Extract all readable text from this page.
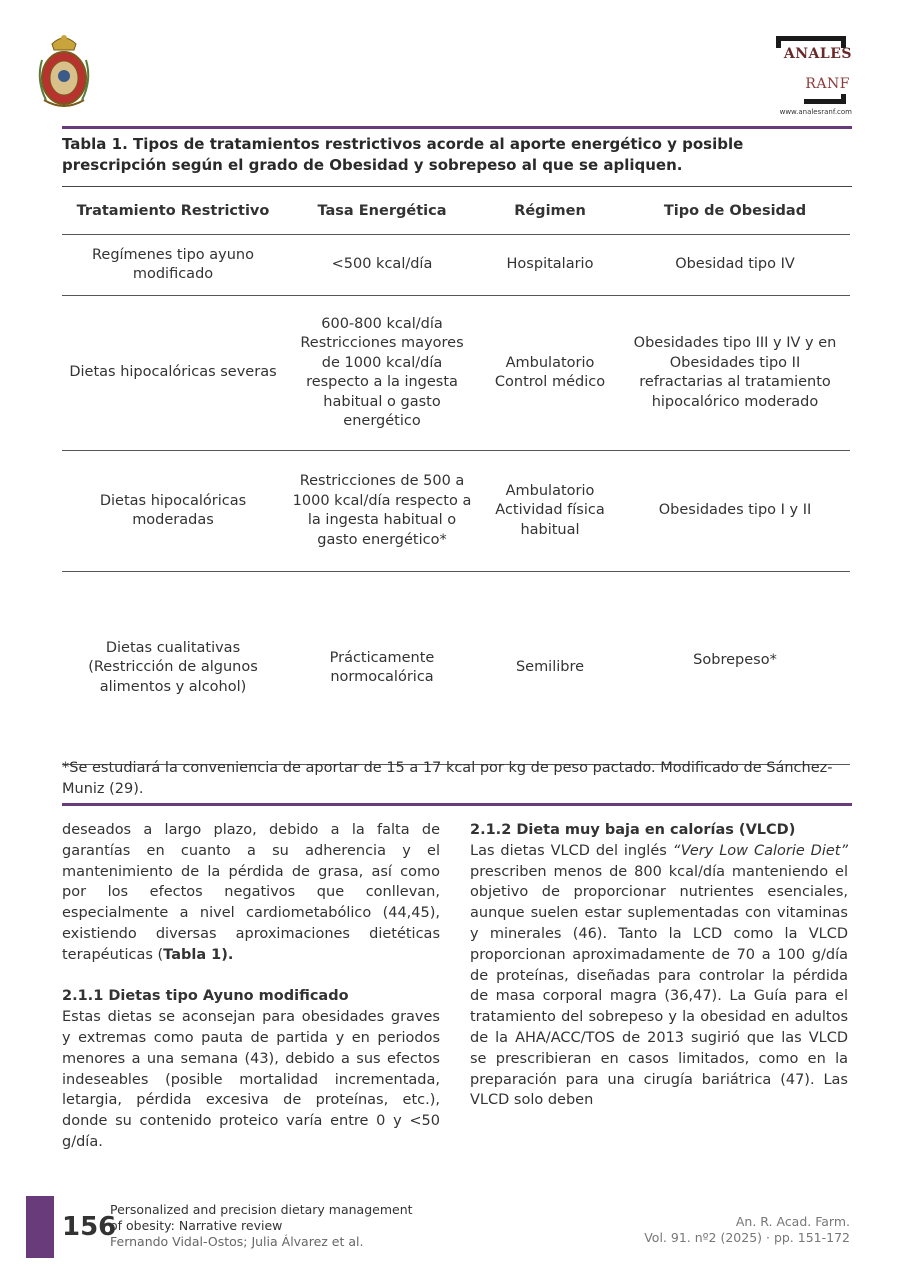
ANALES
RANF
www.analesranf.com
Tabla 1. Tipos de tratamientos restrictivos acorde al aporte energético y posible prescripción según el grado de Obesidad y sobrepeso al que se apliquen.
Tratamiento Restrictivo	Tasa Energética	Régimen	Tipo de Obesidad
Regímenes tipo ayuno modificado	<500 kcal/día	Hospitalario	Obesidad tipo IV
Dietas hipocalóricas severas	600-800 kcal/día Restricciones mayores de 1000 kcal/día respecto a la ingesta habitual o gasto energético	Ambulatorio Control médico	Obesidades tipo III y IV y en Obesidades tipo II refractarias al tratamiento hipocalórico moderado
Dietas hipocalóricas moderadas	Restricciones de 500 a 1000 kcal/día respecto a la ingesta habitual o gasto energético*	Ambulatorio Actividad física habitual	Obesidades tipo I y II
Dietas cualitativas (Restricción de algunos alimentos y alcohol)	Prácticamente normocalórica	Semilibre	Sobrepeso*
*Se estudiará la conveniencia de aportar de 15 a 17 kcal por kg de peso pactado. Modificado de Sánchez-Muniz (29).

deseados a largo plazo, debido a la falta de garantías en cuanto a su adherencia y el mantenimiento de la pérdida de grasa, así como por los efectos negativos que conllevan, especialmente a nivel cardiometabólico (44,45), existiendo diversas aproximaciones dietéticas terapéuticas (Tabla 1).

2.1.1 Dietas tipo Ayuno modificado

Estas dietas se aconsejan para obesidades graves y extremas como pauta de partida y en periodos menores a una semana (43), debido a sus efectos indeseables (posible mortalidad incrementada, letargia, pérdida excesiva de proteínas, etc.), donde su contenido proteico varía entre 0 y <50 g/día.

2.1.2 Dieta muy baja en calorías (VLCD)

Las dietas VLCD del inglés “Very Low Calorie Diet” prescriben menos de 800 kcal/día manteniendo el objetivo de proporcionar nutrientes esenciales, aunque suelen estar suplementadas con vitaminas y minerales (46). Tanto la LCD como la VLCD proporcionan aproximadamente de 70 a 100 g/día de proteínas, diseñadas para controlar la pérdida de masa corporal magra (36,47). La Guía para el tratamiento del sobrepeso y la obesidad en adultos de la AHA/ACC/TOS de 2013 sugirió que las VLCD se prescribieran en casos limitados, como en la preparación para una cirugía bariátrica (47). Las VLCD solo deben

156
Personalized and precision dietary management
of obesity: Narrative review
Fernando Vidal-Ostos; Julia Álvarez et al.
An. R. Acad. Farm.
Vol. 91. nº2 (2025) · pp. 151-172
